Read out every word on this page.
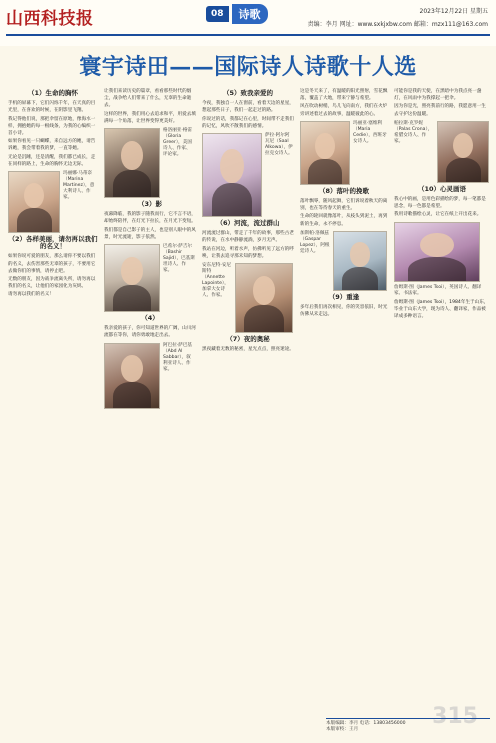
山西科技报	08	诗歌	2023年12月22日 星期五
责编：李月 网址：www.sxkjxbw.com 邮箱：mzx111@163.com
寰宇诗田——国际诗人诗歌十人选
（1）生命的胸怀

手机的屏幕下，它们闪烁千年，在天真的目光里，在喜欢的时候，在阴影里飞翔。

我记得他们说，那把伞留在原地，像海水一样，拥抱她的每一根线条，为我的心编织一首小诗。

如果你看见一只蝴蝶，来自远方的她，请告诉她，我会带着我的梦，一直等她。

无论是沉睡，还是清醒，我们都已成长，走在同样的路上，生命的胸怀无边无际。

玛丽娜·马蒂奈（Marina Martinez），意大利诗人、作家。
（2）各样美丽，请勿再以我们的名义！

如果你说可爱的朋友，那么请你不要以我们的名义，去伤害那些无辜的孩子，不要用它去做你们的事情，请停止吧。

无数的朋友，因为战争流离失所，请勿再以我们的名义，让他们的家园化为灰烬。

请勿再以我们的名义！

让我们来读历史的篇章，看看那些时代的烟尘，战争给人们带来了什么，无辜的生命逝去。

这样的世界，我们用心去追求和平，用爱去填满每一个角落，让世界变得更美好。

格洛丽亚·格雷（Gloria Greer），美国诗人、作家、评论家。
（3）影

夜幕降临，我的影子随我而行，它不言不语，却始终陪伴，在灯光下拉长，在月光下变短。

我们都是自己影子的主人，也是别人眼中的风景，时光流逝，影子依然。

巴希尔·萨吉尔（Bashir Sajid），巴基斯坦诗人、作家。
（4）

我亲爱的孩子，你可知道世界的广阔，山川河流都在等你，请你勇敢地走出去。

阿巴拉·萨巴基（Abd Al Sabbar），叙利亚诗人、作家。
（5）致我亲爱的

今夜，我独自一人在窗前，看着天边的星星，想起那些日子，我们一起走过的路。

你说过的话，我都记在心里，时间带不走我们的记忆，风吹不散我们的感情。

萨拉·阿尔阿瓦尼（Saal Alkowa），伊拉克女诗人。
（6）河流，流过群山

河流流过群山，带走了千年的故事，那些古老的传说，在水中静静流淌，岁月无声。

我站在河边，听着水声，仿佛听见了远方的呼唤，让我去追寻那未知的梦想。

安东尼特·安尼斯特（Annette Lapointe），加拿大女诗人、作家。
（7）夜的奥秘

黑夜藏着无数的秘密，星光点点，照亮迷途。

这是冬天来了，有温暖的阳光照射，雪花飘落，覆盖了大地，带来宁静与希望。

风在吹动树梢，鸟儿飞向南方，我们在火炉旁讲述着过去的故事，温暖彼此的心。

玛丽亚·塞维利（Maria Cedie），西班牙女诗人。
（8）落叶的挽歌

落叶飘零，随风起舞，它们诉说着秋天的离别，也在等待春天的重生。

生命的轮回就像落叶，从枝头到泥土，再到新的生命，永不停息。

加斯帕·洛佩兹（Gaspar Lopez），阿根廷诗人。
（9）重逢

多年后我们再次相见，你的笑容依旧，时光仿佛从未走远。

可能你是我的天使，在黑暗中为我点亮一盏灯，在风雨中为我撑起一把伞。

因为你是光，照亮我前行的路，我愿意用一生去守护这份温暖。

帕拉斯·克罗妮（Palas Crona），希腊女诗人、作家。
（10）心灵画语

我心中的画，是用色彩描绘的梦，每一笔都是思念，每一色都是希望。

我用诗歌描绘心灵，让它在纸上开出花来。

詹姆斯·图（James Tsoi），英国诗人、翻译家、书法家。

詹姆斯·图（James Tsoi），1984年生于山东，毕业于山东大学，现为诗人、翻译家，作品被译成多种语言。

315
本版编辑：李月 电话：13803456000
本版审校：王月
